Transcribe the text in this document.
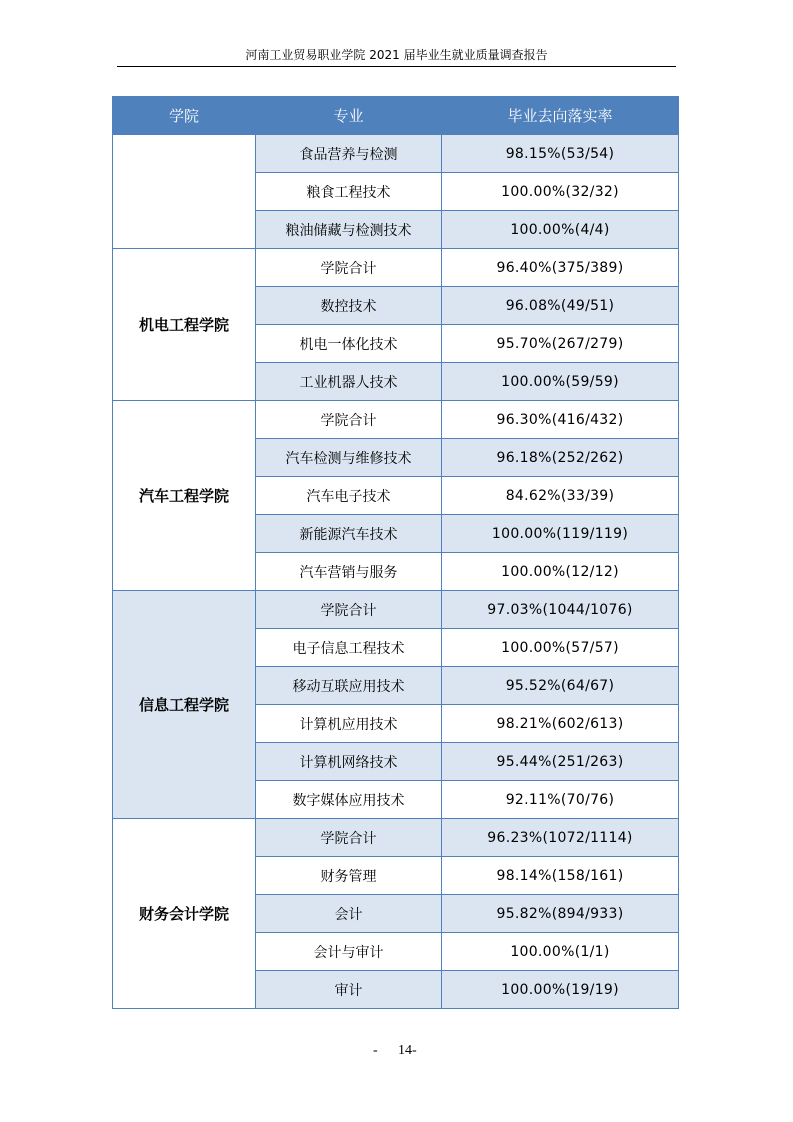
河南工业贸易职业学院 2021 届毕业生就业质量调查报告
学院	专业	毕业去向落实率
	食品营养与检测	98.15%(53/54)
	粮食工程技术	100.00%(32/32)
	粮油储藏与检测技术	100.00%(4/4)
机电工程学院	学院合计	96.40%(375/389)
	数控技术	96.08%(49/51)
	机电一体化技术	95.70%(267/279)
	工业机器人技术	100.00%(59/59)
汽车工程学院	学院合计	96.30%(416/432)
	汽车检测与维修技术	96.18%(252/262)
	汽车电子技术	84.62%(33/39)
	新能源汽车技术	100.00%(119/119)
	汽车营销与服务	100.00%(12/12)
信息工程学院	学院合计	97.03%(1044/1076)
	电子信息工程技术	100.00%(57/57)
	移动互联应用技术	95.52%(64/67)
	计算机应用技术	98.21%(602/613)
	计算机网络技术	95.44%(251/263)
	数字媒体应用技术	92.11%(70/76)
财务会计学院	学院合计	96.23%(1072/1114)
	财务管理	98.14%(158/161)
	会计	95.82%(894/933)
	会计与审计	100.00%(1/1)
	审计	100.00%(19/19)
- 14-
